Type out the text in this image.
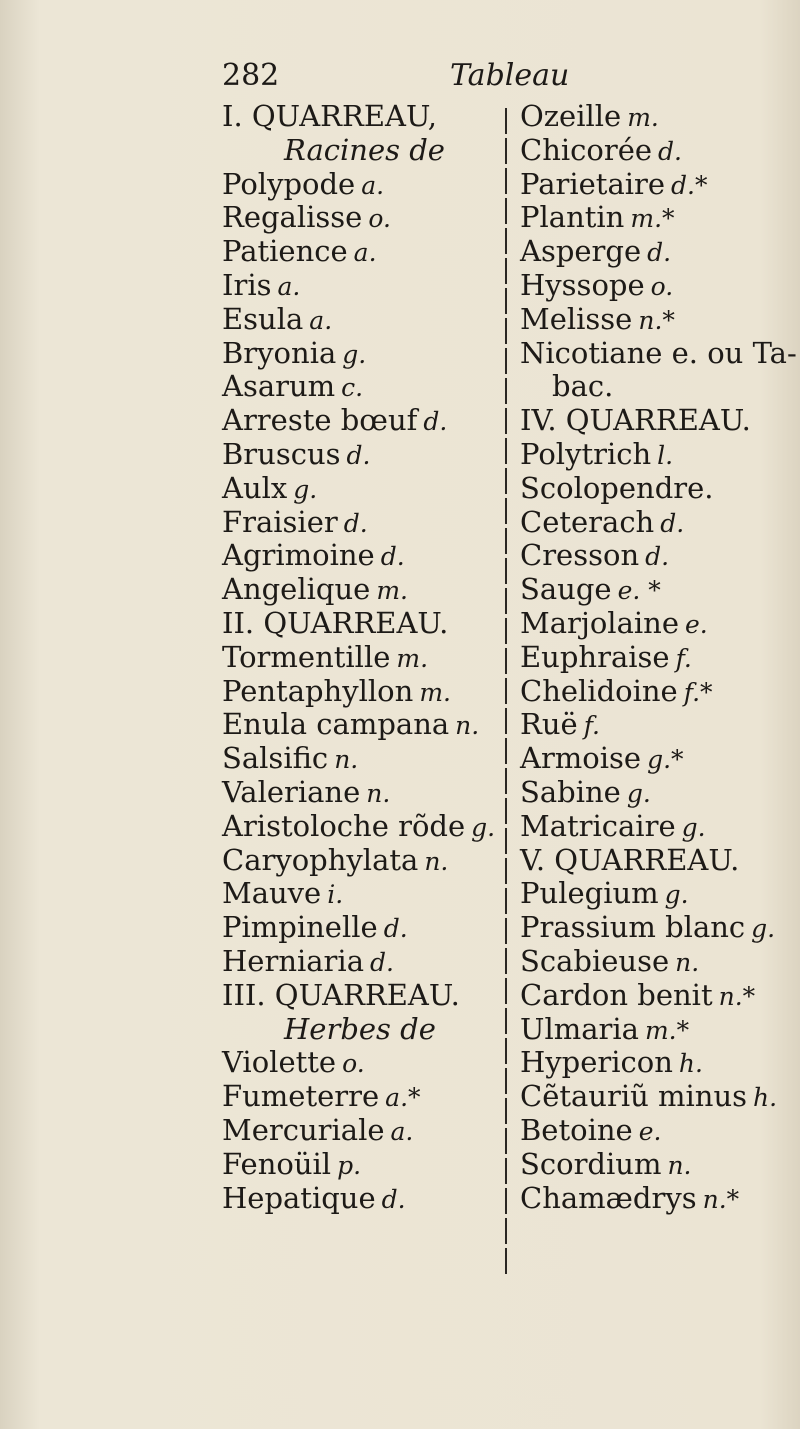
282	Tableau
I. QUARREAU,
Racines de
Polypode a.
Regalisse o.
Patience a.
Iris a.
Esula a.
Bryonia g.
Asarum c.
Arreste bœuf d.
Bruscus d.
Aulx g.
Fraisier d.
Agrimoine d.
Angelique m.
II. QUARREAU.
Tormentille m.
Pentaphyllon m.
Enula campana n.
Salsific n.
Valeriane n.
Aristoloche rõde g.
Caryophylata n.
Mauve i.
Pimpinelle d.
Herniaria d.
III. QUARREAU.
Herbes de
Violette o.
Fumeterre a.*
Mercuriale a.
Fenoüil p.
Hepatique d.
Ozeille m.
Chicorée d.
Parietaire d.*
Plantin m.*
Asperge d.
Hyssope o.
Melisse n.*
Nicotiane e. ou Ta-
bac.
IV. QUARREAU.
Polytrich l.
Scolopendre.
Ceterach d.
Cresson d.
Sauge e. *
Marjolaine e.
Euphraise f.
Chelidoine f.*
Ruë f.
Armoise g.*
Sabine g.
Matricaire g.
V. QUARREAU.
Pulegium g.
Prassium blanc g.
Scabieuse n.
Cardon benit n.*
Ulmaria m.*
Hypericon h.
Cẽtauriũ minus h.
Betoine e.
Scordium n.
Chamædrys n.*
